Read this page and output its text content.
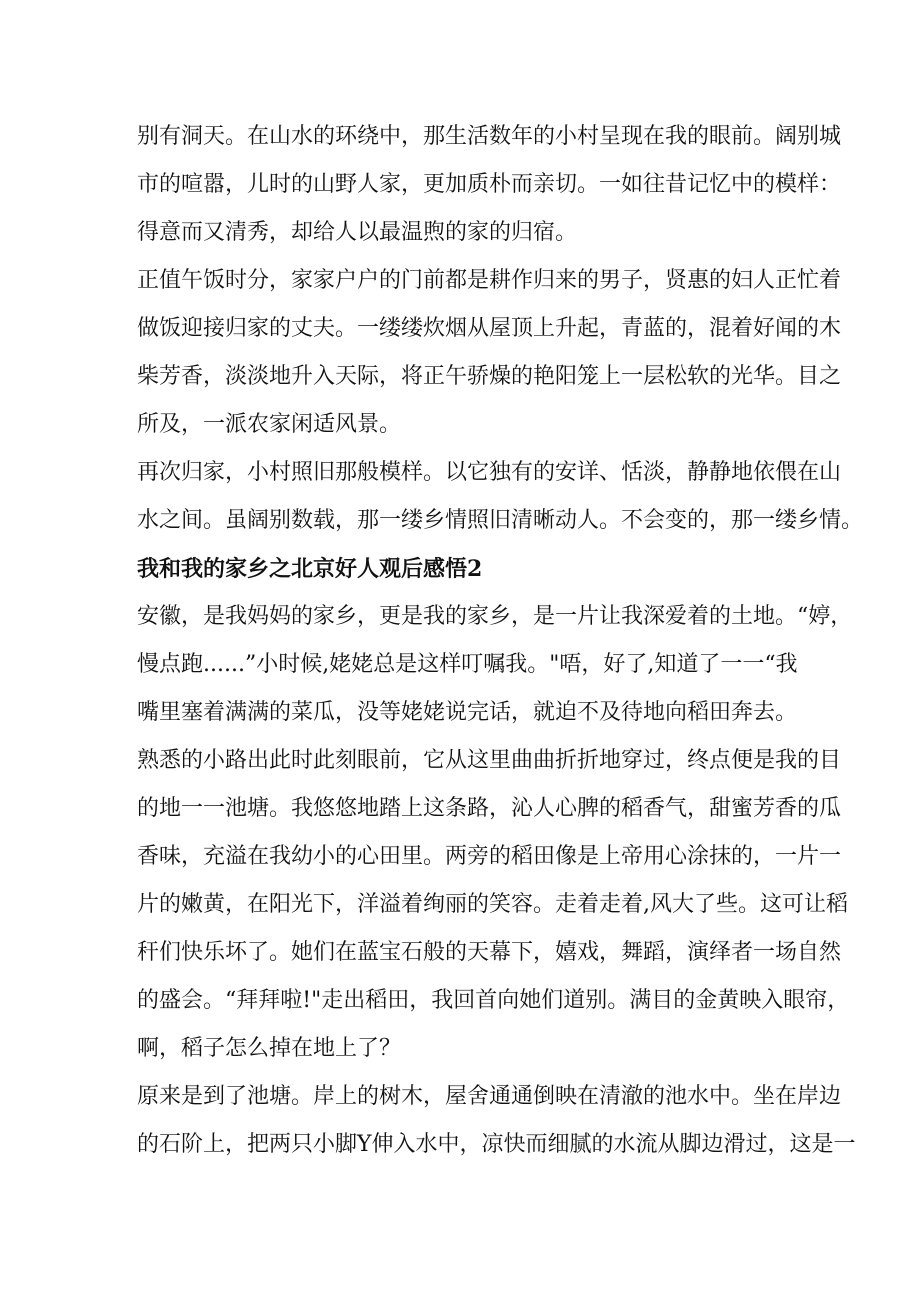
别有洞天。在山水的环绕中，那生活数年的小村呈现在我的眼前。阔别城
市的喧嚣，儿时的山野人家，更加质朴而亲切。一如往昔记忆中的模样：
得意而又清秀，却给人以最温煦的家的归宿。
正值午饭时分，家家户户的门前都是耕作归来的男子，贤惠的妇人正忙着
做饭迎接归家的丈夫。一缕缕炊烟从屋顶上升起，青蓝的，混着好闻的木
柴芳香，淡淡地升入天际，将正午骄燥的艳阳笼上一层松软的光华。目之
所及，一派农家闲适风景。
再次归家，小村照旧那般模样。以它独有的安详、恬淡，静静地依偎在山
水之间。虽阔别数载，那一缕乡情照旧清晰动人。不会变的，那一缕乡情。
我和我的家乡之北京好人观后感悟2
安徽，是我妈妈的家乡，更是我的家乡，是一片让我深爱着的土地。“婷，
慢点跑......”小时候,姥姥总是这样叮嘱我。"唔，好了,知道了一一“我
嘴里塞着满满的菜瓜，没等姥姥说完话，就迫不及待地向稻田奔去。
熟悉的小路出此时此刻眼前，它从这里曲曲折折地穿过，终点便是我的目
的地一一池塘。我悠悠地踏上这条路，沁人心脾的稻香气，甜蜜芳香的瓜
香味，充溢在我幼小的心田里。两旁的稻田像是上帝用心涂抹的，一片一
片的嫩黄，在阳光下，洋溢着绚丽的笑容。走着走着,风大了些。这可让稻
秆们快乐坏了。她们在蓝宝石般的天幕下，嬉戏，舞蹈，演绎者一场自然
的盛会。“拜拜啦!"走出稻田，我回首向她们道别。满目的金黄映入眼帘，
啊，稻子怎么掉在地上了？
原来是到了池塘。岸上的树木，屋舍通通倒映在清澈的池水中。坐在岸边
的石阶上，把两只小脚Y伸入水中，凉快而细腻的水流从脚边滑过，这是一
